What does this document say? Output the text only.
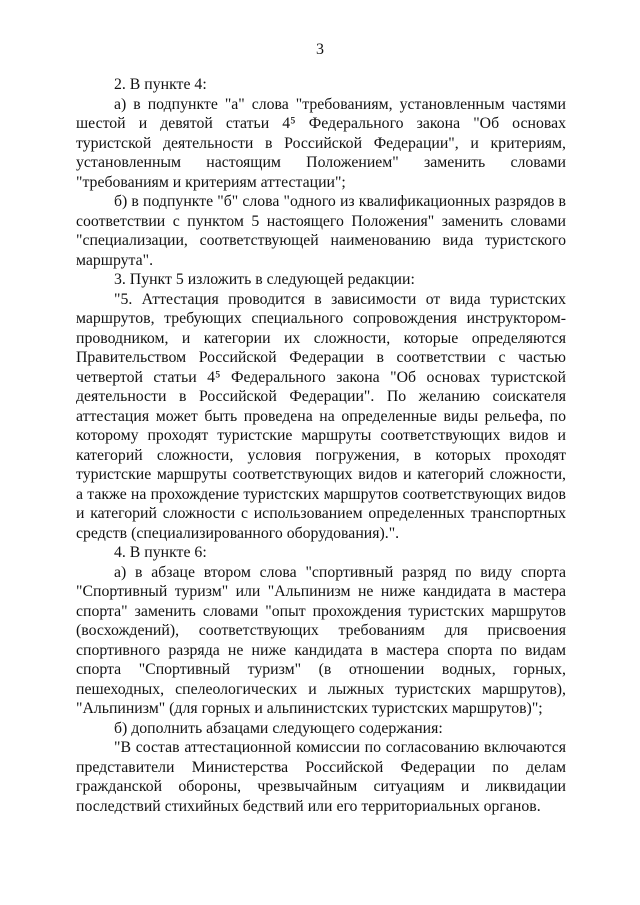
3

2. В пункте 4:

а) в подпункте "а" слова "требованиям, установленным частями шестой и девятой статьи 4⁵ Федерального закона "Об основах туристской деятельности в Российской Федерации", и критериям, установленным настоящим Положением" заменить словами "требованиям и критериям аттестации";

б) в подпункте "б" слова "одного из квалификационных разрядов в соответствии с пунктом 5 настоящего Положения" заменить словами "специализации, соответствующей наименованию вида туристского маршрута".

3. Пункт 5 изложить в следующей редакции:

"5. Аттестация проводится в зависимости от вида туристских маршрутов, требующих специального сопровождения инструктором-проводником, и категории их сложности, которые определяются Правительством Российской Федерации в соответствии с частью четвертой статьи 4⁵ Федерального закона "Об основах туристской деятельности в Российской Федерации". По желанию соискателя аттестация может быть проведена на определенные виды рельефа, по которому проходят туристские маршруты соответствующих видов и категорий сложности, условия погружения, в которых проходят туристские маршруты соответствующих видов и категорий сложности, а также на прохождение туристских маршрутов соответствующих видов и категорий сложности с использованием определенных транспортных средств (специализированного оборудования).".

4. В пункте 6:

а) в абзаце втором слова "спортивный разряд по виду спорта "Спортивный туризм" или "Альпинизм не ниже кандидата в мастера спорта" заменить словами "опыт прохождения туристских маршрутов (восхождений), соответствующих требованиям для присвоения спортивного разряда не ниже кандидата в мастера спорта по видам спорта "Спортивный туризм" (в отношении водных, горных, пешеходных, спелеологических и лыжных туристских маршрутов), "Альпинизм" (для горных и альпинистских туристских маршрутов)";

б) дополнить абзацами следующего содержания:

"В состав аттестационной комиссии по согласованию включаются представители Министерства Российской Федерации по делам гражданской обороны, чрезвычайным ситуациям и ликвидации последствий стихийных бедствий или его территориальных органов.
